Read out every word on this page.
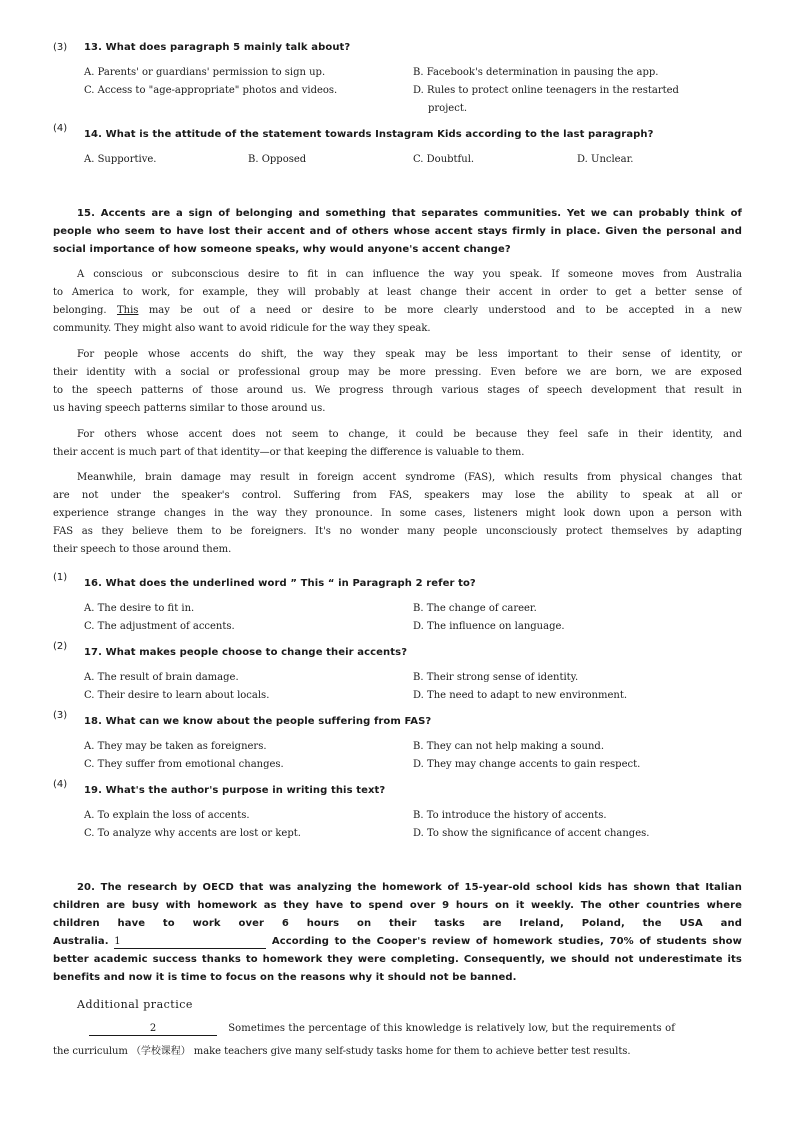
(3) 13. What does paragraph 5 mainly talk about?
A. Parents' or guardians' permission to sign up.	B. Facebook's determination in pausing the app.
C. Access to "age-appropriate" photos and videos.	D. Rules to protect online teenagers in the restarted
project.
(4)
14. What is the attitude of the statement towards Instagram Kids according to the last paragraph?
A. Supportive.	B. Opposed	C. Doubtful.	D. Unclear.
15. Accents are a sign of belonging and something that separates communities. Yet we can probably think of
people who seem to have lost their accent and of others whose accent stays firmly in place. Given the personal and
social importance of how someone speaks, why would anyone's accent change?
A conscious or subconscious desire to fit in can influence the way you speak. If someone moves from Australia
to America to work, for example, they will probably at least change their accent in order to get a better sense of
belonging. This may be out of a need or desire to be more clearly understood and to be accepted in a new
community. They might also want to avoid ridicule for the way they speak.
For people whose accents do shift, the way they speak may be less important to their sense of identity, or
their identity with a social or professional group may be more pressing. Even before we are born, we are exposed
to the speech patterns of those around us. We progress through various stages of speech development that result in
us having speech patterns similar to those around us.
For others whose accent does not seem to change, it could be because they feel safe in their identity, and
their accent is much part of that identity—or that keeping the difference is valuable to them.
Meanwhile, brain damage may result in foreign accent syndrome (FAS), which results from physical changes that
are not under the speaker's control. Suffering from FAS, speakers may lose the ability to speak at all or
experience strange changes in the way they pronounce. In some cases, listeners might look down upon a person with
FAS as they believe them to be foreigners. It's no wonder many people unconsciously protect themselves by adapting
their speech to those around them.
(1)
16. What does the underlined word ” This “ in Paragraph 2 refer to?
A. The desire to fit in.	B. The change of career.
C. The adjustment of accents.	D. The influence on language.
(2)
17. What makes people choose to change their accents?
A. The result of brain damage.	B. Their strong sense of identity.
C. Their desire to learn about locals.	D. The need to adapt to new environment.
(3)
18. What can we know about the people suffering from FAS?
A. They may be taken as foreigners.	B. They can not help making a sound.
C. They suffer from emotional changes.	D. They may change accents to gain respect.
(4)
19. What's the author's purpose in writing this text?
A. To explain the loss of accents.	B. To introduce the history of accents.
C. To analyze why accents are lost or kept.	D. To show the significance of accent changes.
20. The research by OECD that was analyzing the homework of 15-year-old school kids has shown that Italian
children are busy with homework as they have to spend over 9 hours on it weekly. The other countries where
children have to work over 6 hours on their tasks are Ireland, Poland, the USA and
Australia. 1	According to the Cooper's review of homework studies, 70% of students show
better academic success thanks to homework they were completing. Consequently, we should not underestimate its
benefits and now it is time to focus on the reasons why it should not be banned.
Additional practice
2	Sometimes the percentage of this knowledge is relatively low, but the requirements of
the curriculum （学校课程） make teachers give many self-study tasks home for them to achieve better test results.
